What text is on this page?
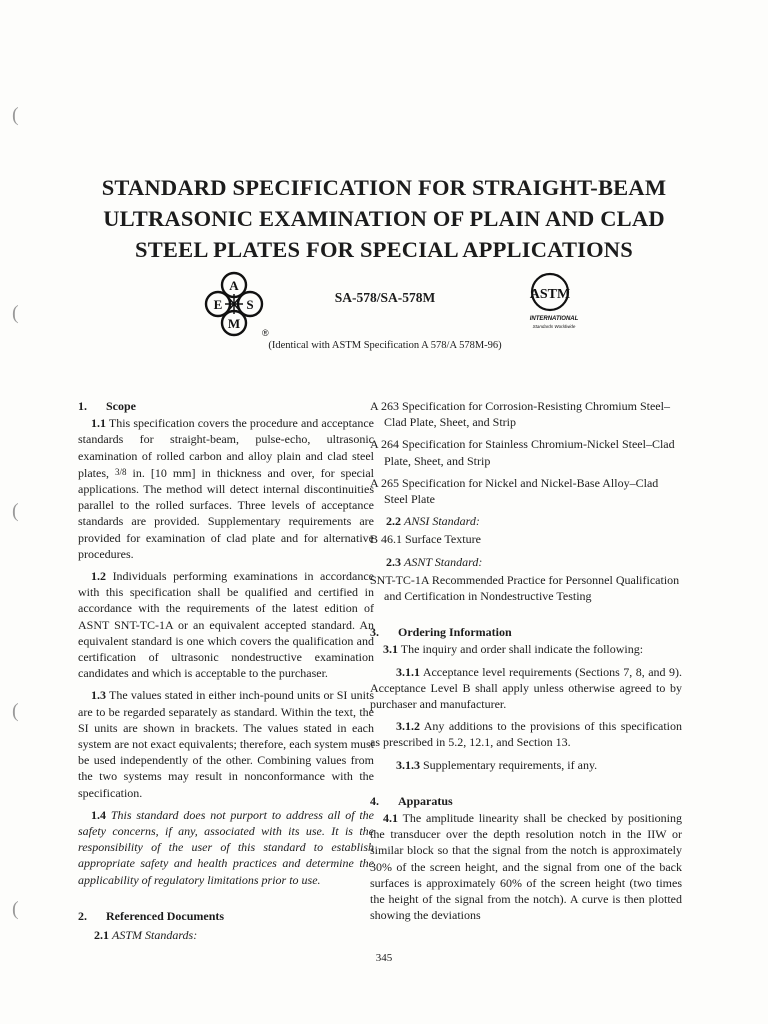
(
(
(
(
(
STANDARD SPECIFICATION FOR STRAIGHT-BEAM
ULTRASONIC EXAMINATION OF PLAIN AND CLAD
STEEL PLATES FOR SPECIAL APPLICATIONS
A
E S
M
®
SA-578/SA-578M	ASTM
INTERNATIONAL
Standards Worldwide
(Identical with ASTM Specification A 578/A 578M-96)
1. Scope

1.1 This specification covers the procedure and acceptance standards for straight-beam, pulse-echo, ultrasonic examination of rolled carbon and alloy plain and clad steel plates, 3/8 in. [10 mm] in thickness and over, for special applications. The method will detect internal discontinuities parallel to the rolled surfaces. Three levels of acceptance standards are provided. Supplementary requirements are provided for examination of clad plate and for alternative procedures.

1.2 Individuals performing examinations in accordance with this specification shall be qualified and certified in accordance with the requirements of the latest edition of ASNT SNT-TC-1A or an equivalent accepted standard. An equivalent standard is one which covers the qualification and certification of ultrasonic nondestructive examination candidates and which is acceptable to the purchaser.

1.3 The values stated in either inch-pound units or SI units are to be regarded separately as standard. Within the text, the SI units are shown in brackets. The values stated in each system are not exact equivalents; therefore, each system must be used independently of the other. Combining values from the two systems may result in nonconformance with the specification.

1.4 This standard does not purport to address all of the safety concerns, if any, associated with its use. It is the responsibility of the user of this standard to establish appropriate safety and health practices and determine the applicability of regulatory limitations prior to use.

2. Referenced Documents
2.1 ASTM Standards:

A 263 Specification for Corrosion-Resisting Chromium Steel–Clad Plate, Sheet, and Strip

A 264 Specification for Stainless Chromium-Nickel Steel–Clad Plate, Sheet, and Strip

A 265 Specification for Nickel and Nickel-Base Alloy–Clad Steel Plate

2.2 ANSI Standard:

B 46.1 Surface Texture

2.3 ASNT Standard:

SNT-TC-1A Recommended Practice for Personnel Qualification and Certification in Nondestructive Testing

3. Ordering Information

3.1 The inquiry and order shall indicate the following:

3.1.1 Acceptance level requirements (Sections 7, 8, and 9). Acceptance Level B shall apply unless otherwise agreed to by purchaser and manufacturer.

3.1.2 Any additions to the provisions of this specification as prescribed in 5.2, 12.1, and Section 13.

3.1.3 Supplementary requirements, if any.

4. Apparatus

4.1 The amplitude linearity shall be checked by positioning the transducer over the depth resolution notch in the IIW or similar block so that the signal from the notch is approximately 30% of the screen height, and the signal from one of the back surfaces is approximately 60% of the screen height (two times the height of the signal from the notch). A curve is then plotted showing the deviations

345
